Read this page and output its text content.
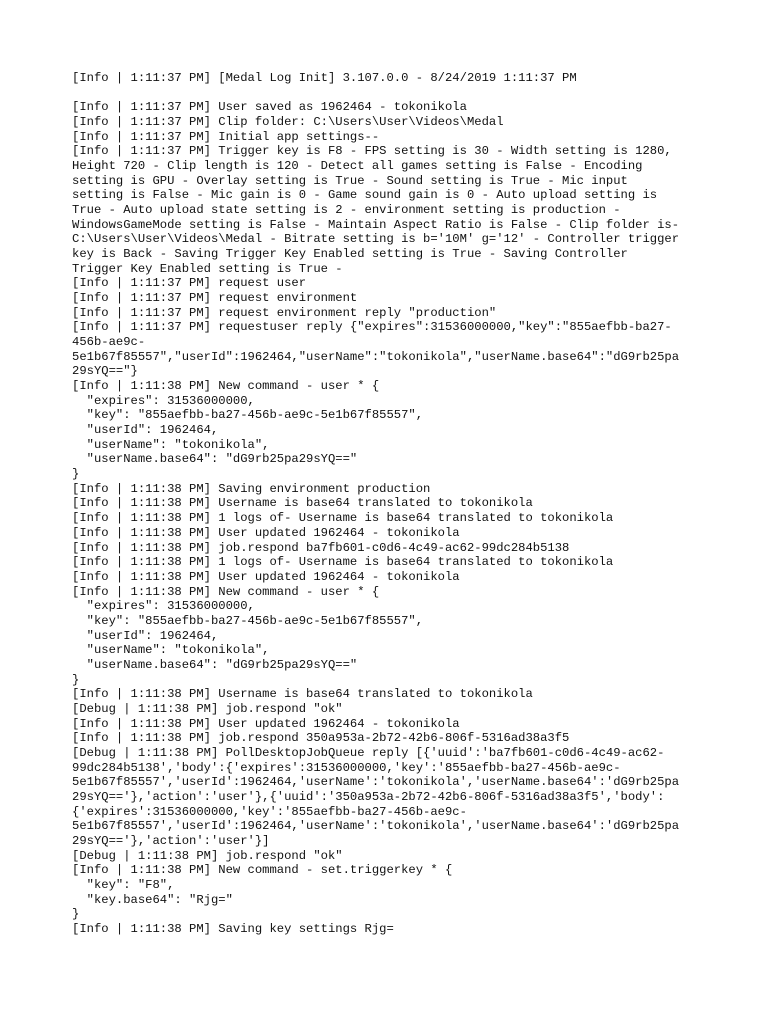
[Info | 1:11:37 PM] [Medal Log Init] 3.107.0.0 - 8/24/2019 1:11:37 PM
[Info | 1:11:37 PM] User saved as 1962464 - tokonikola
[Info | 1:11:37 PM] Clip folder: C:\Users\User\Videos\Medal
[Info | 1:11:37 PM] Initial app settings--
[Info | 1:11:37 PM] Trigger key is F8 - FPS setting is 30 - Width setting is 1280,
Height 720 - Clip length is 120 - Detect all games setting is False - Encoding
setting is GPU - Overlay setting is True - Sound setting is True - Mic input
setting is False - Mic gain is 0 - Game sound gain is 0 - Auto upload setting is
True - Auto upload state setting is 2 - environment setting is production -
WindowsGameMode setting is False - Maintain Aspect Ratio is False - Clip folder is-
C:\Users\User\Videos\Medal - Bitrate setting is b='10M' g='12' - Controller trigger
key is Back - Saving Trigger Key Enabled setting is True - Saving Controller
Trigger Key Enabled setting is True -
[Info | 1:11:37 PM] request user
[Info | 1:11:37 PM] request environment
[Info | 1:11:37 PM] request environment reply "production"
[Info | 1:11:37 PM] requestuser reply {"expires":31536000000,"key":"855aefbb-ba27-
456b-ae9c-
5e1b67f85557","userId":1962464,"userName":"tokonikola","userName.base64":"dG9rb25pa
29sYQ=="}
[Info | 1:11:38 PM] New command - user * {
"expires": 31536000000,
"key": "855aefbb-ba27-456b-ae9c-5e1b67f85557",
"userId": 1962464,
"userName": "tokonikola",
"userName.base64": "dG9rb25pa29sYQ=="
}
[Info | 1:11:38 PM] Saving environment production
[Info | 1:11:38 PM] Username is base64 translated to tokonikola
[Info | 1:11:38 PM] 1 logs of- Username is base64 translated to tokonikola
[Info | 1:11:38 PM] User updated 1962464 - tokonikola
[Info | 1:11:38 PM] job.respond ba7fb601-c0d6-4c49-ac62-99dc284b5138
[Info | 1:11:38 PM] 1 logs of- Username is base64 translated to tokonikola
[Info | 1:11:38 PM] User updated 1962464 - tokonikola
[Info | 1:11:38 PM] New command - user * {
"expires": 31536000000,
"key": "855aefbb-ba27-456b-ae9c-5e1b67f85557",
"userId": 1962464,
"userName": "tokonikola",
"userName.base64": "dG9rb25pa29sYQ=="
}
[Info | 1:11:38 PM] Username is base64 translated to tokonikola
[Debug | 1:11:38 PM] job.respond "ok"
[Info | 1:11:38 PM] User updated 1962464 - tokonikola
[Info | 1:11:38 PM] job.respond 350a953a-2b72-42b6-806f-5316ad38a3f5
[Debug | 1:11:38 PM] PollDesktopJobQueue reply [{'uuid':'ba7fb601-c0d6-4c49-ac62-
99dc284b5138','body':{'expires':31536000000,'key':'855aefbb-ba27-456b-ae9c-
5e1b67f85557','userId':1962464,'userName':'tokonikola','userName.base64':'dG9rb25pa
29sYQ=='},'action':'user'},{'uuid':'350a953a-2b72-42b6-806f-5316ad38a3f5','body':
{'expires':31536000000,'key':'855aefbb-ba27-456b-ae9c-
5e1b67f85557','userId':1962464,'userName':'tokonikola','userName.base64':'dG9rb25pa
29sYQ=='},'action':'user'}]
[Debug | 1:11:38 PM] job.respond "ok"
[Info | 1:11:38 PM] New command - set.triggerkey * {
"key": "F8",
"key.base64": "Rjg="
}
[Info | 1:11:38 PM] Saving key settings Rjg=
